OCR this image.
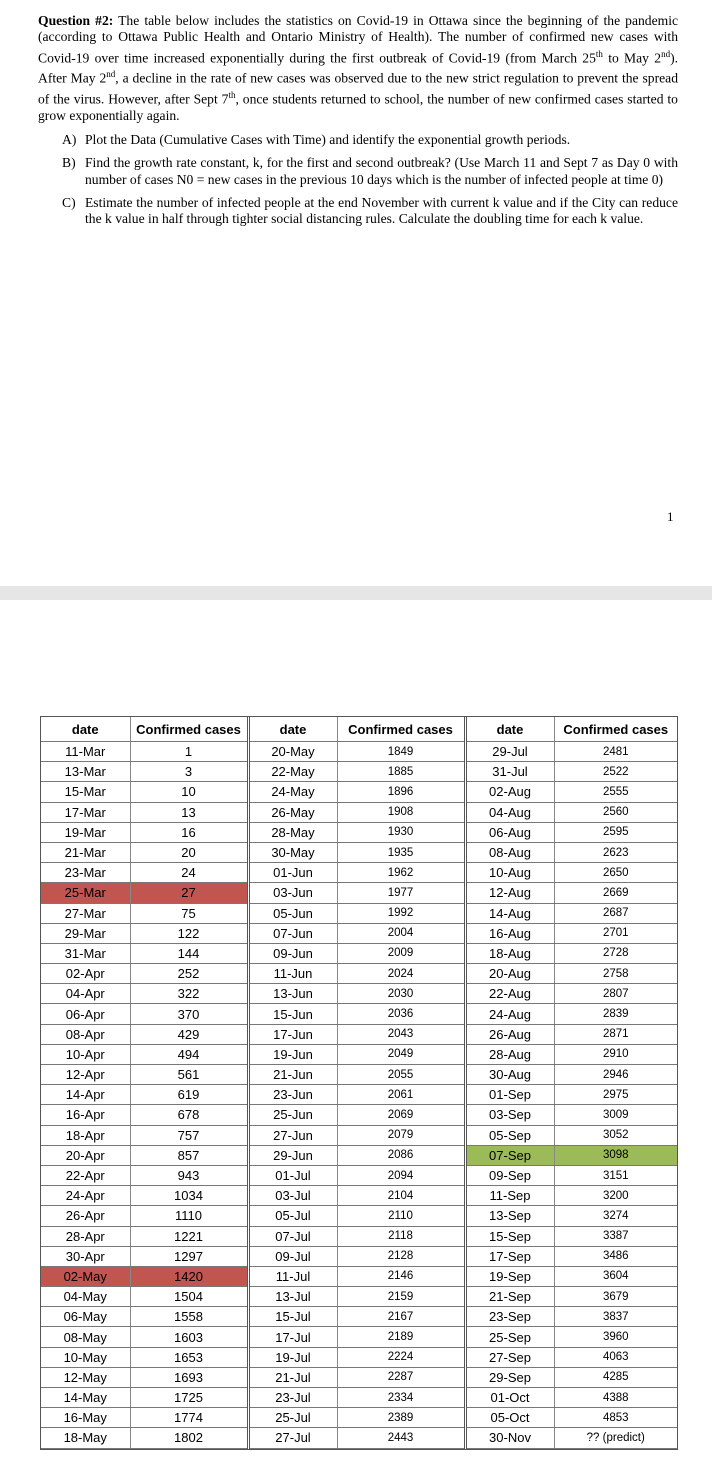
Question #2: The table below includes the statistics on Covid-19 in Ottawa since the beginning of the pandemic (according to Ottawa Public Health and Ontario Ministry of Health). The number of confirmed new cases with Covid-19 over time increased exponentially during the first outbreak of Covid-19 (from March 25th to May 2nd). After May 2nd, a decline in the rate of new cases was observed due to the new strict regulation to prevent the spread of the virus. However, after Sept 7th, once students returned to school, the number of new confirmed cases started to grow exponentially again.
A) Plot the Data (Cumulative Cases with Time) and identify the exponential growth periods.
B) Find the growth rate constant, k, for the first and second outbreak? (Use March 11 and Sept 7 as Day 0 with number of cases N0 = new cases in the previous 10 days which is the number of infected people at time 0)
C) Estimate the number of infected people at the end November with current k value and if the City can reduce the k value in half through tighter social distancing rules. Calculate the doubling time for each k value.
1
date	Confirmed cases	date	Confirmed cases	date	Confirmed cases
11-Mar	1	20-May	1849	29-Jul	2481
13-Mar	3	22-May	1885	31-Jul	2522
15-Mar	10	24-May	1896	02-Aug	2555
17-Mar	13	26-May	1908	04-Aug	2560
19-Mar	16	28-May	1930	06-Aug	2595
21-Mar	20	30-May	1935	08-Aug	2623
23-Mar	24	01-Jun	1962	10-Aug	2650
25-Mar	27	03-Jun	1977	12-Aug	2669
27-Mar	75	05-Jun	1992	14-Aug	2687
29-Mar	122	07-Jun	2004	16-Aug	2701
31-Mar	144	09-Jun	2009	18-Aug	2728
02-Apr	252	11-Jun	2024	20-Aug	2758
04-Apr	322	13-Jun	2030	22-Aug	2807
06-Apr	370	15-Jun	2036	24-Aug	2839
08-Apr	429	17-Jun	2043	26-Aug	2871
10-Apr	494	19-Jun	2049	28-Aug	2910
12-Apr	561	21-Jun	2055	30-Aug	2946
14-Apr	619	23-Jun	2061	01-Sep	2975
16-Apr	678	25-Jun	2069	03-Sep	3009
18-Apr	757	27-Jun	2079	05-Sep	3052
20-Apr	857	29-Jun	2086	07-Sep	3098
22-Apr	943	01-Jul	2094	09-Sep	3151
24-Apr	1034	03-Jul	2104	11-Sep	3200
26-Apr	1110	05-Jul	2110	13-Sep	3274
28-Apr	1221	07-Jul	2118	15-Sep	3387
30-Apr	1297	09-Jul	2128	17-Sep	3486
02-May	1420	11-Jul	2146	19-Sep	3604
04-May	1504	13-Jul	2159	21-Sep	3679
06-May	1558	15-Jul	2167	23-Sep	3837
08-May	1603	17-Jul	2189	25-Sep	3960
10-May	1653	19-Jul	2224	27-Sep	4063
12-May	1693	21-Jul	2287	29-Sep	4285
14-May	1725	23-Jul	2334	01-Oct	4388
16-May	1774	25-Jul	2389	05-Oct	4853
18-May	1802	27-Jul	2443	30-Nov	?? (predict)
